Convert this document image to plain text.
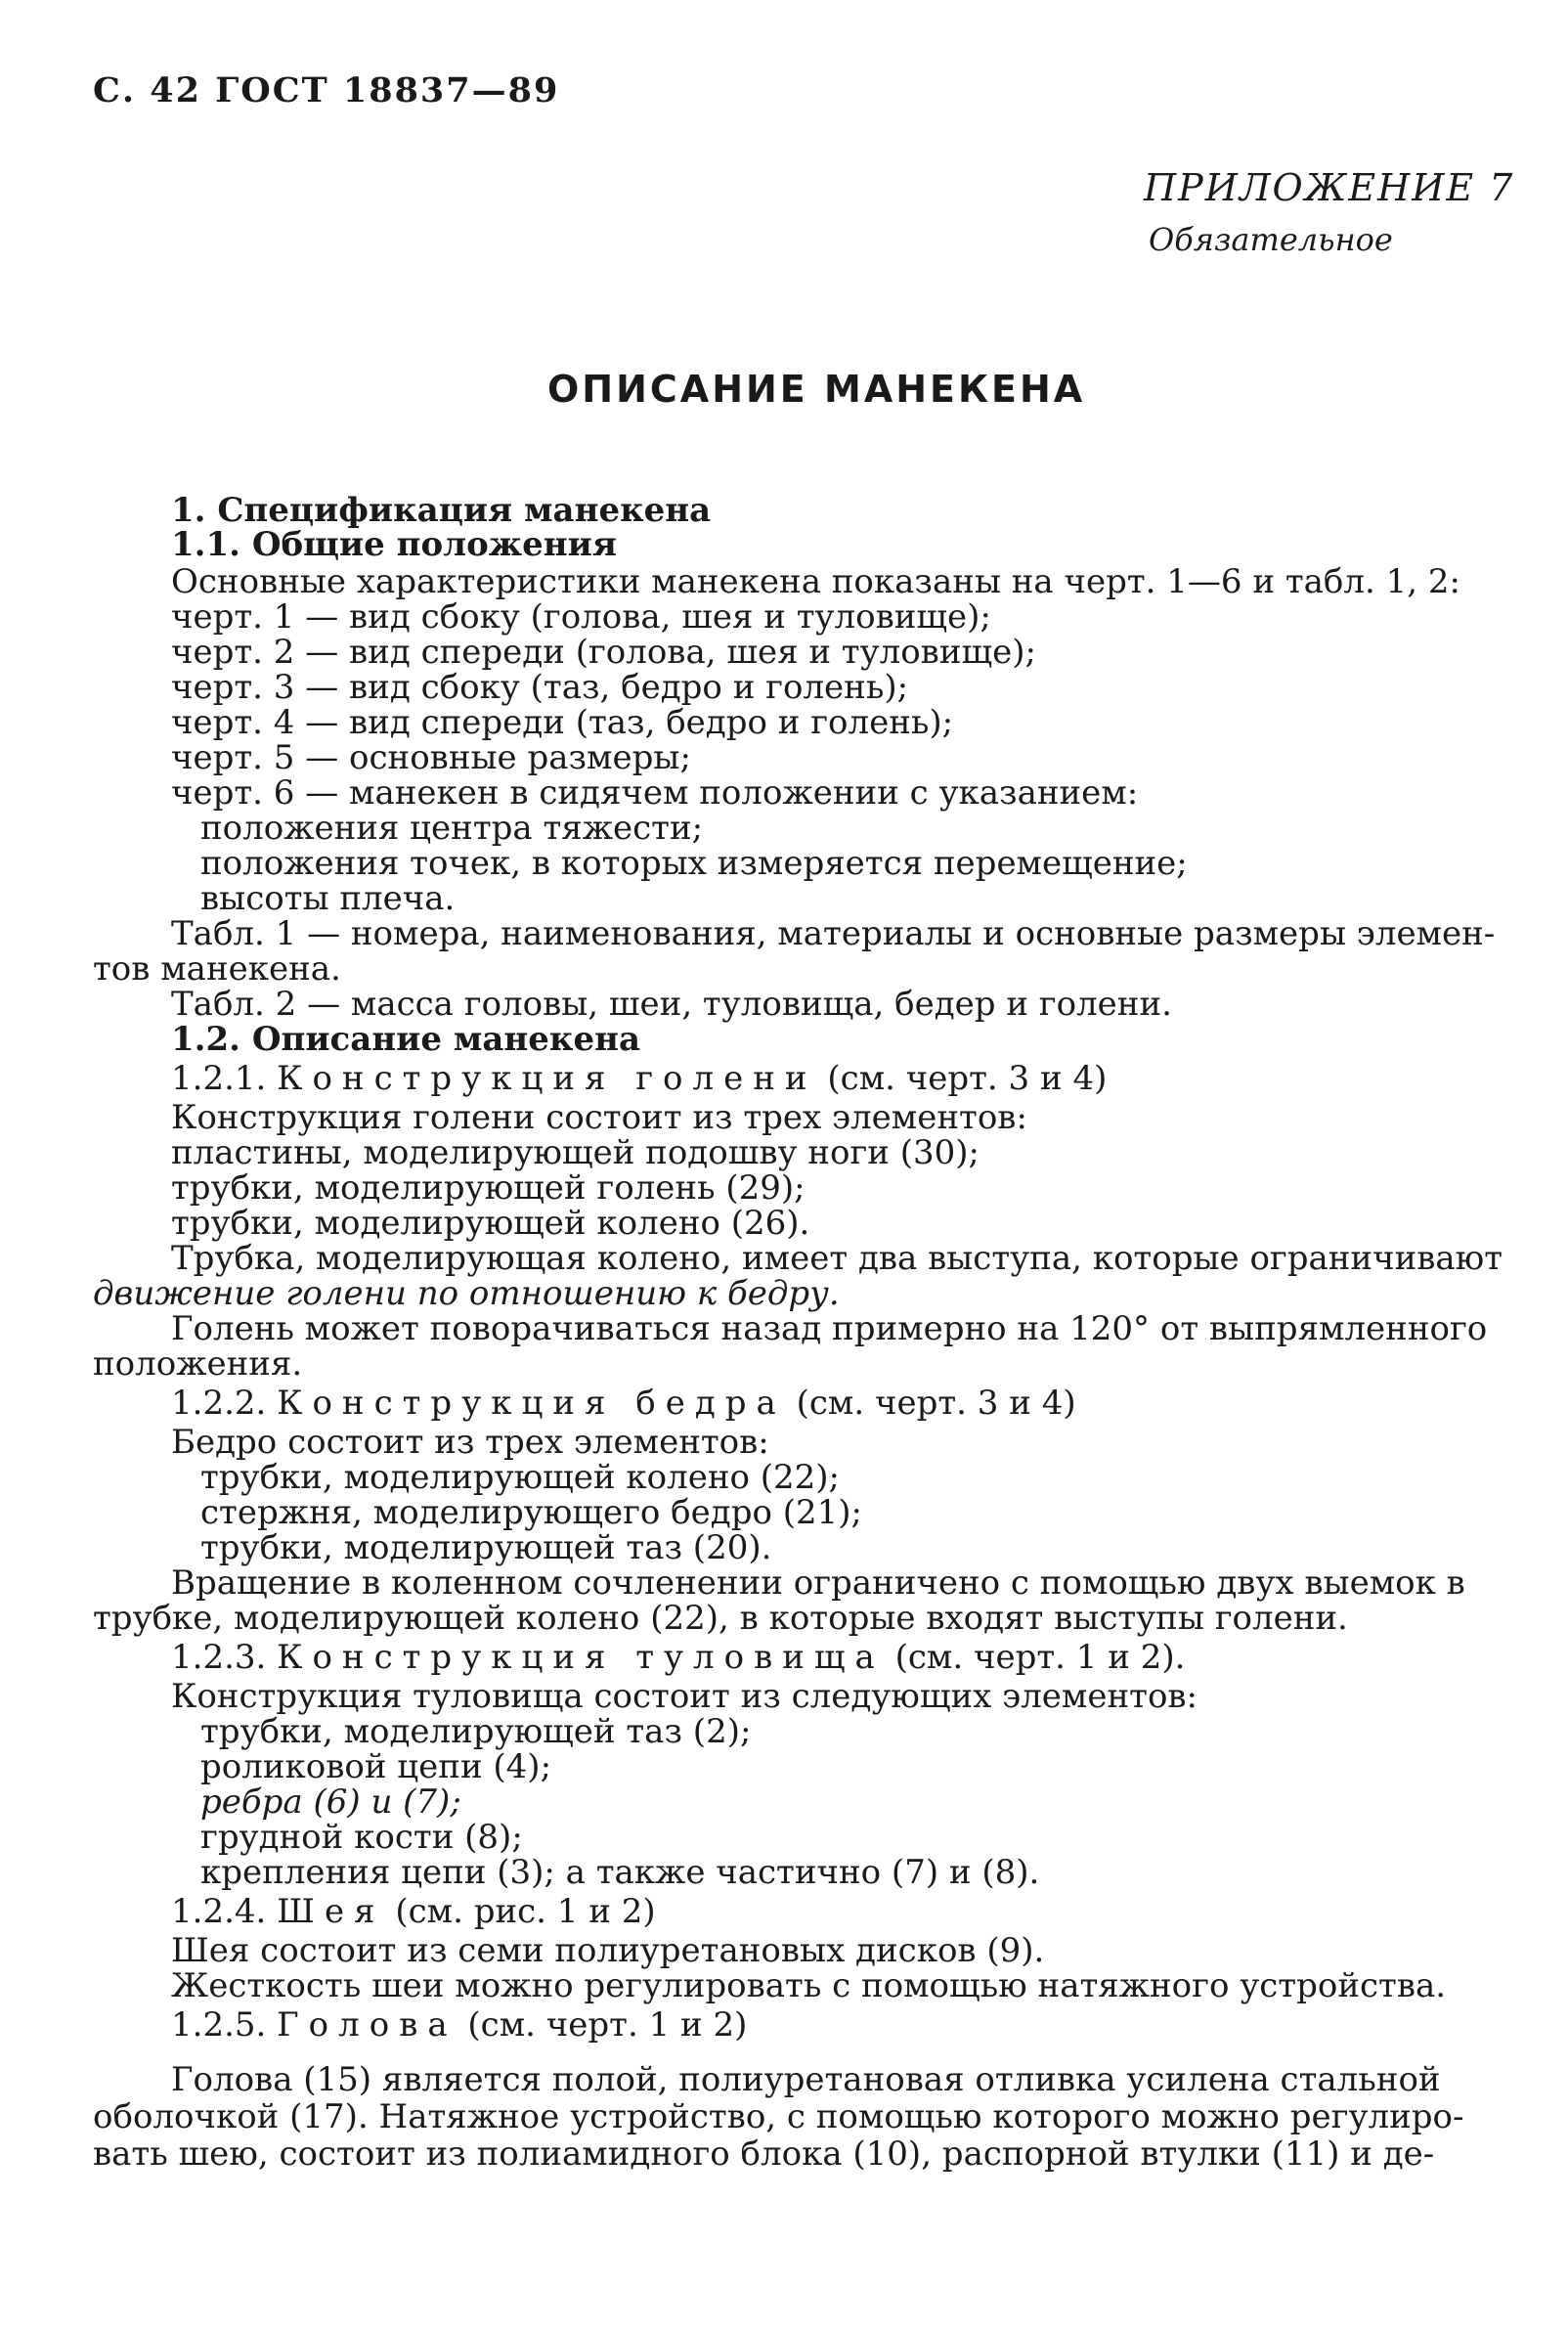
С. 42 ГОСТ 18837—89
ПРИЛОЖЕНИЕ 7
Обязательное
ОПИСАНИЕ МАНЕКЕНА
1. Спецификация манекена
1.1. Общие положения
Основные характеристики манекена показаны на черт. 1—6 и табл. 1, 2:
черт. 1 — вид сбоку (голова, шея и туловище);
черт. 2 — вид спереди (голова, шея и туловище);
черт. 3 — вид сбоку (таз, бедро и голень);
черт. 4 — вид спереди (таз, бедро и голень);
черт. 5 — основные размеры;
черт. 6 — манекен в сидячем положении с указанием:
положения центра тяжести;
положения точек, в которых измеряется перемещение;
высоты плеча.
Табл. 1 — номера, наименования, материалы и основные размеры элемен-
тов манекена.
Табл. 2 — масса головы, шеи, туловища, бедер и голени.
1.2. Описание манекена
1.2.1. Конструкция голени (см. черт. 3 и 4)
Конструкция голени состоит из трех элементов:
пластины, моделирующей подошву ноги (30);
трубки, моделирующей голень (29);
трубки, моделирующей колено (26).
Трубка, моделирующая колено, имеет два выступа, которые ограничивают
движение голени по отношению к бедру.
Голень может поворачиваться назад примерно на 120° от выпрямленного
положения.
1.2.2. Конструкция бедра (см. черт. 3 и 4)
Бедро состоит из трех элементов:
трубки, моделирующей колено (22);
стержня, моделирующего бедро (21);
трубки, моделирующей таз (20).
Вращение в коленном сочленении ограничено с помощью двух выемок в
трубке, моделирующей колено (22), в которые входят выступы голени.
1.2.3. Конструкция туловища (см. черт. 1 и 2).
Конструкция туловища состоит из следующих элементов:
трубки, моделирующей таз (2);
роликовой цепи (4);
ребра (6) и (7);
грудной кости (8);
крепления цепи (3); а также частично (7) и (8).
1.2.4. Шея (см. рис. 1 и 2)
Шея состоит из семи полиуретановых дисков (9).
Жесткость шеи можно регулировать с помощью натяжного устройства.
1.2.5. Голова (см. черт. 1 и 2)
Голова (15) является полой, полиуретановая отливка усилена стальной
оболочкой (17). Натяжное устройство, с помощью которого можно регулиро-
вать шею, состоит из полиамидного блока (10), распорной втулки (11) и де-
